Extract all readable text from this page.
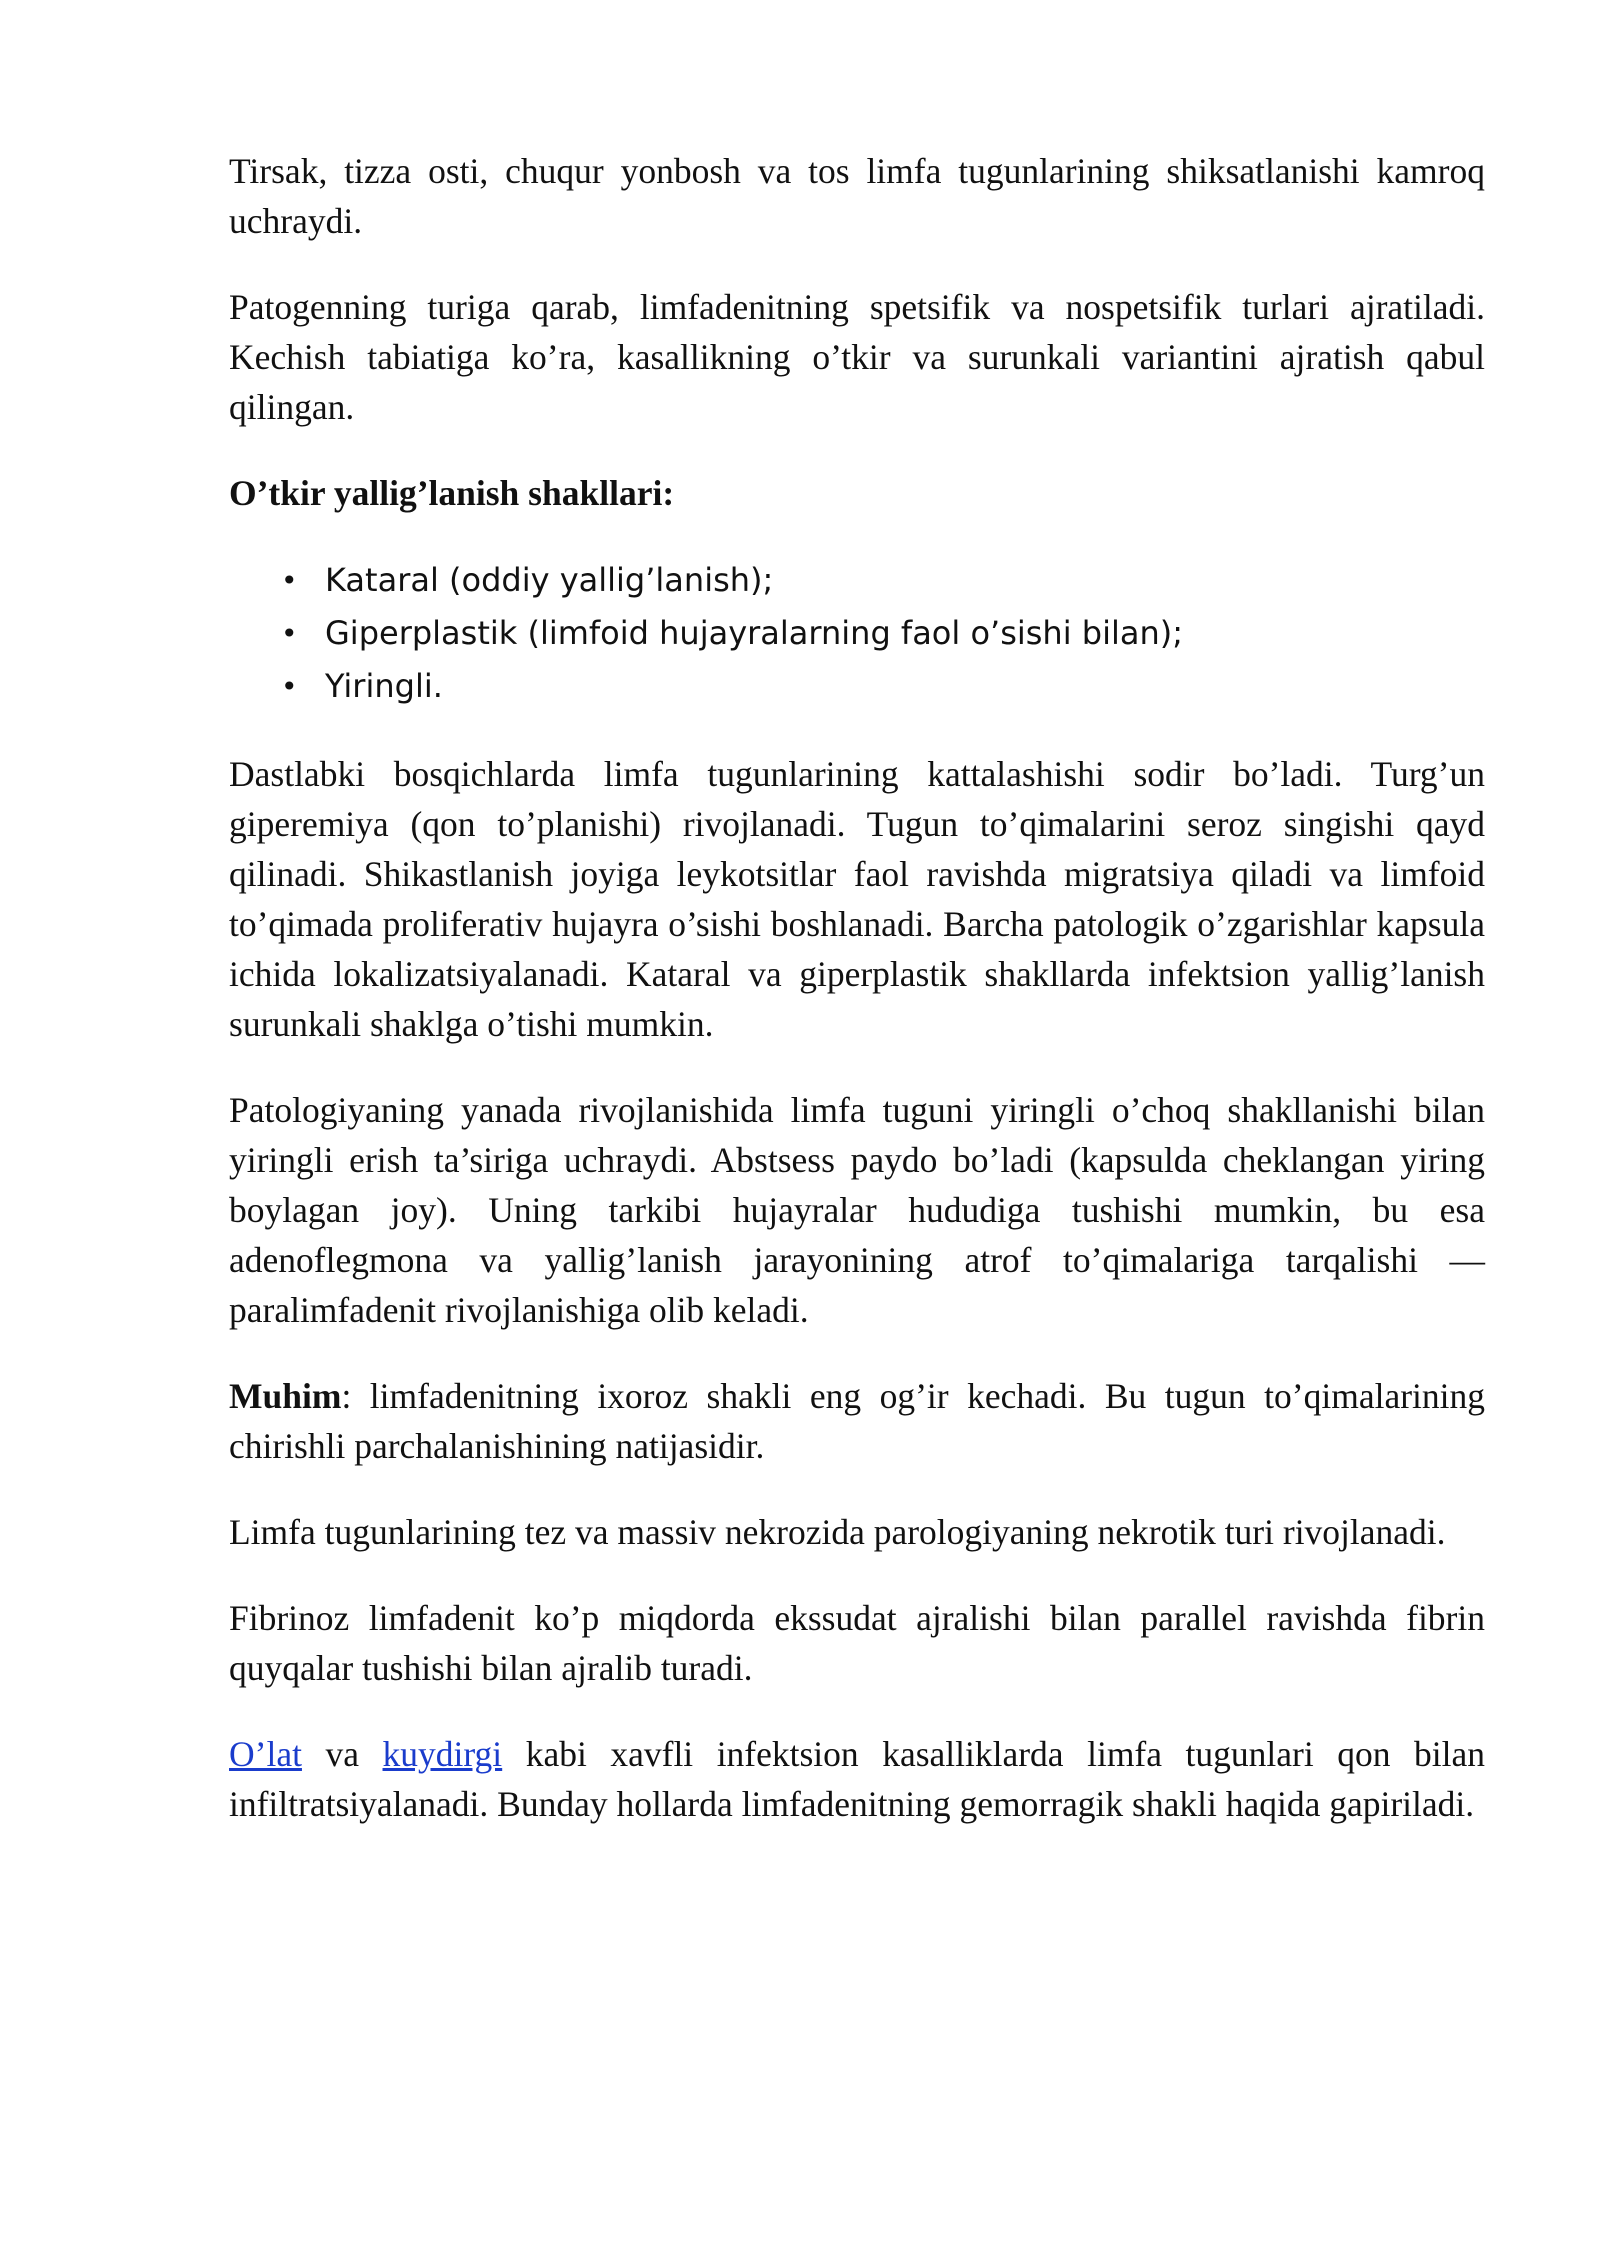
Tirsak, tizza osti, chuqur yonbosh va tos limfa tugunlarining shiksatlanishi kamroq uchraydi.

Patogenning turiga qarab, limfadenitning spetsifik va nospetsifik turlari ajratiladi. Kechish tabiatiga ko’ra, kasallikning o’tkir va surunkali variantini ajratish qabul qilingan.

O’tkir yallig’lanish shakllari:

• Kataral (oddiy yallig’lanish);
• Giperplastik (limfoid hujayralarning faol o’sishi bilan);
• Yiringli.

Dastlabki bosqichlarda limfa tugunlarining kattalashishi sodir bo’ladi. Turg’un giperemiya (qon to’planishi) rivojlanadi. Tugun to’qimalarini seroz singishi qayd qilinadi. Shikastlanish joyiga leykotsitlar faol ravishda migratsiya qiladi va limfoid to’qimada proliferativ hujayra o’sishi boshlanadi. Barcha patologik o’zgarishlar kapsula ichida lokalizatsiyalanadi. Kataral va giperplastik shakllarda infektsion yallig’lanish surunkali shaklga o’tishi mumkin.

Patologiyaning yanada rivojlanishida limfa tuguni yiringli o’choq shakllanishi bilan yiringli erish ta’siriga uchraydi. Abstsess paydo bo’ladi (kapsulda cheklangan yiring boylagan joy). Uning tarkibi hujayralar hududiga tushishi mumkin, bu esa adenoflegmona va yallig’lanish jarayonining atrof to’qimalariga tarqalishi — paralimfadenit rivojlanishiga olib keladi.

Muhim: limfadenitning ixoroz shakli eng og’ir kechadi. Bu tugun to’qimalarining chirishli parchalanishining natijasidir.

Limfa tugunlarining tez va massiv nekrozida parologiyaning nekrotik turi rivojlanadi.

Fibrinoz limfadenit ko’p miqdorda ekssudat ajralishi bilan parallel ravishda fibrin quyqalar tushishi bilan ajralib turadi.

O’lat va kuydirgi kabi xavfli infektsion kasalliklarda limfa tugunlari qon bilan infiltratsiyalanadi. Bunday hollarda limfadenitning gemorragik shakli haqida gapiriladi.
